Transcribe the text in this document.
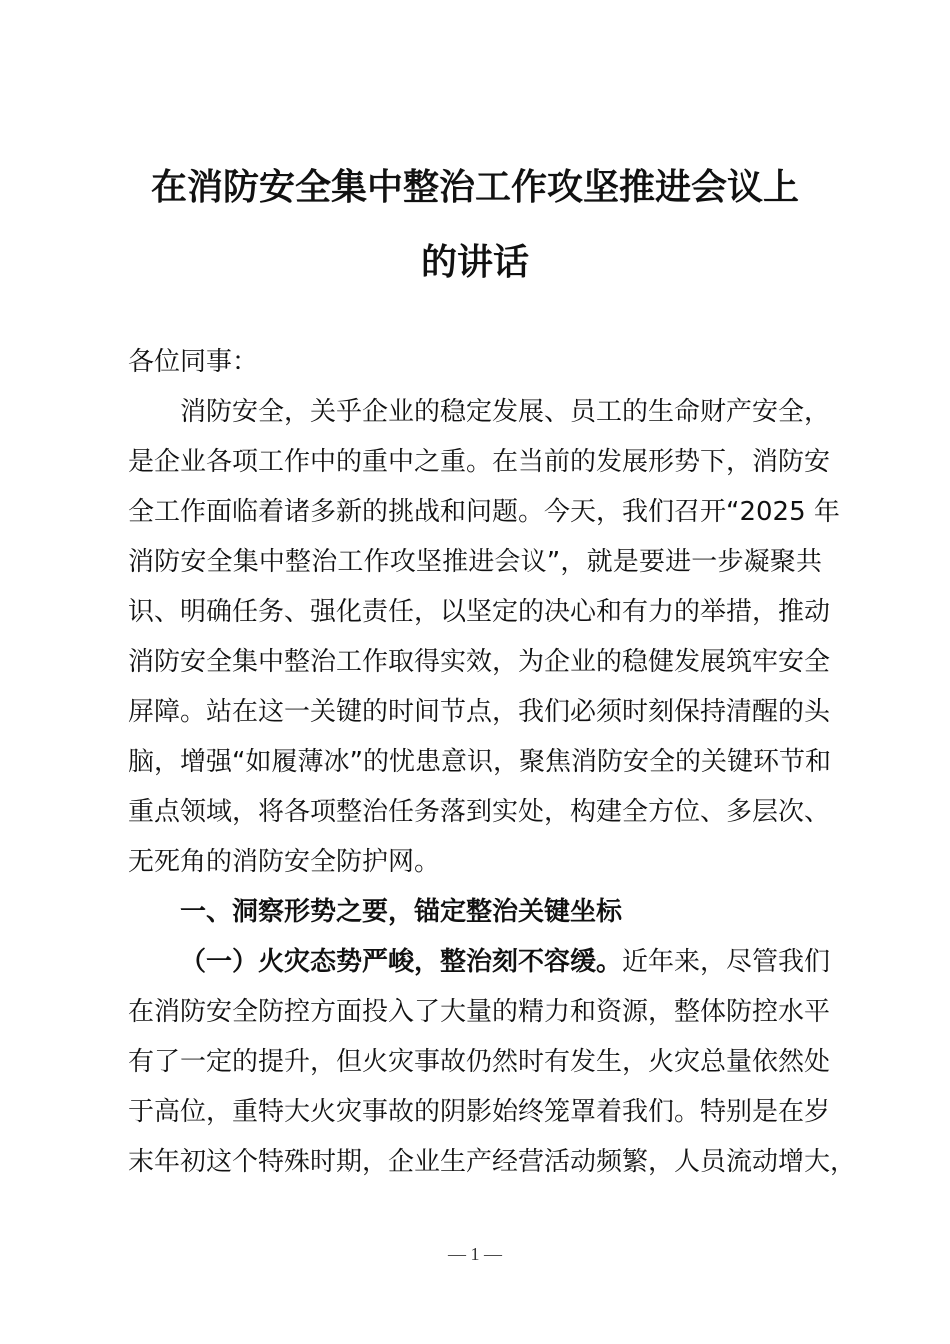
在消防安全集中整治工作攻坚推进会议上
的讲话
各位同事：
消防安全，关乎企业的稳定发展、员工的生命财产安全，
是企业各项工作中的重中之重。在当前的发展形势下，消防安
全工作面临着诸多新的挑战和问题。今天，我们召开“2025 年
消防安全集中整治工作攻坚推进会议”，就是要进一步凝聚共
识、明确任务、强化责任，以坚定的决心和有力的举措，推动
消防安全集中整治工作取得实效，为企业的稳健发展筑牢安全
屏障。站在这一关键的时间节点，我们必须时刻保持清醒的头
脑，增强“如履薄冰”的忧患意识，聚焦消防安全的关键环节和
重点领域，将各项整治任务落到实处，构建全方位、多层次、
无死角的消防安全防护网。
一、洞察形势之要，锚定整治关键坐标
（一）火灾态势严峻，整治刻不容缓。近年来，尽管我们
在消防安全防控方面投入了大量的精力和资源，整体防控水平
有了一定的提升，但火灾事故仍然时有发生，火灾总量依然处
于高位，重特大火灾事故的阴影始终笼罩着我们。特别是在岁
末年初这个特殊时期，企业生产经营活动频繁，人员流动增大，
— 1 —
